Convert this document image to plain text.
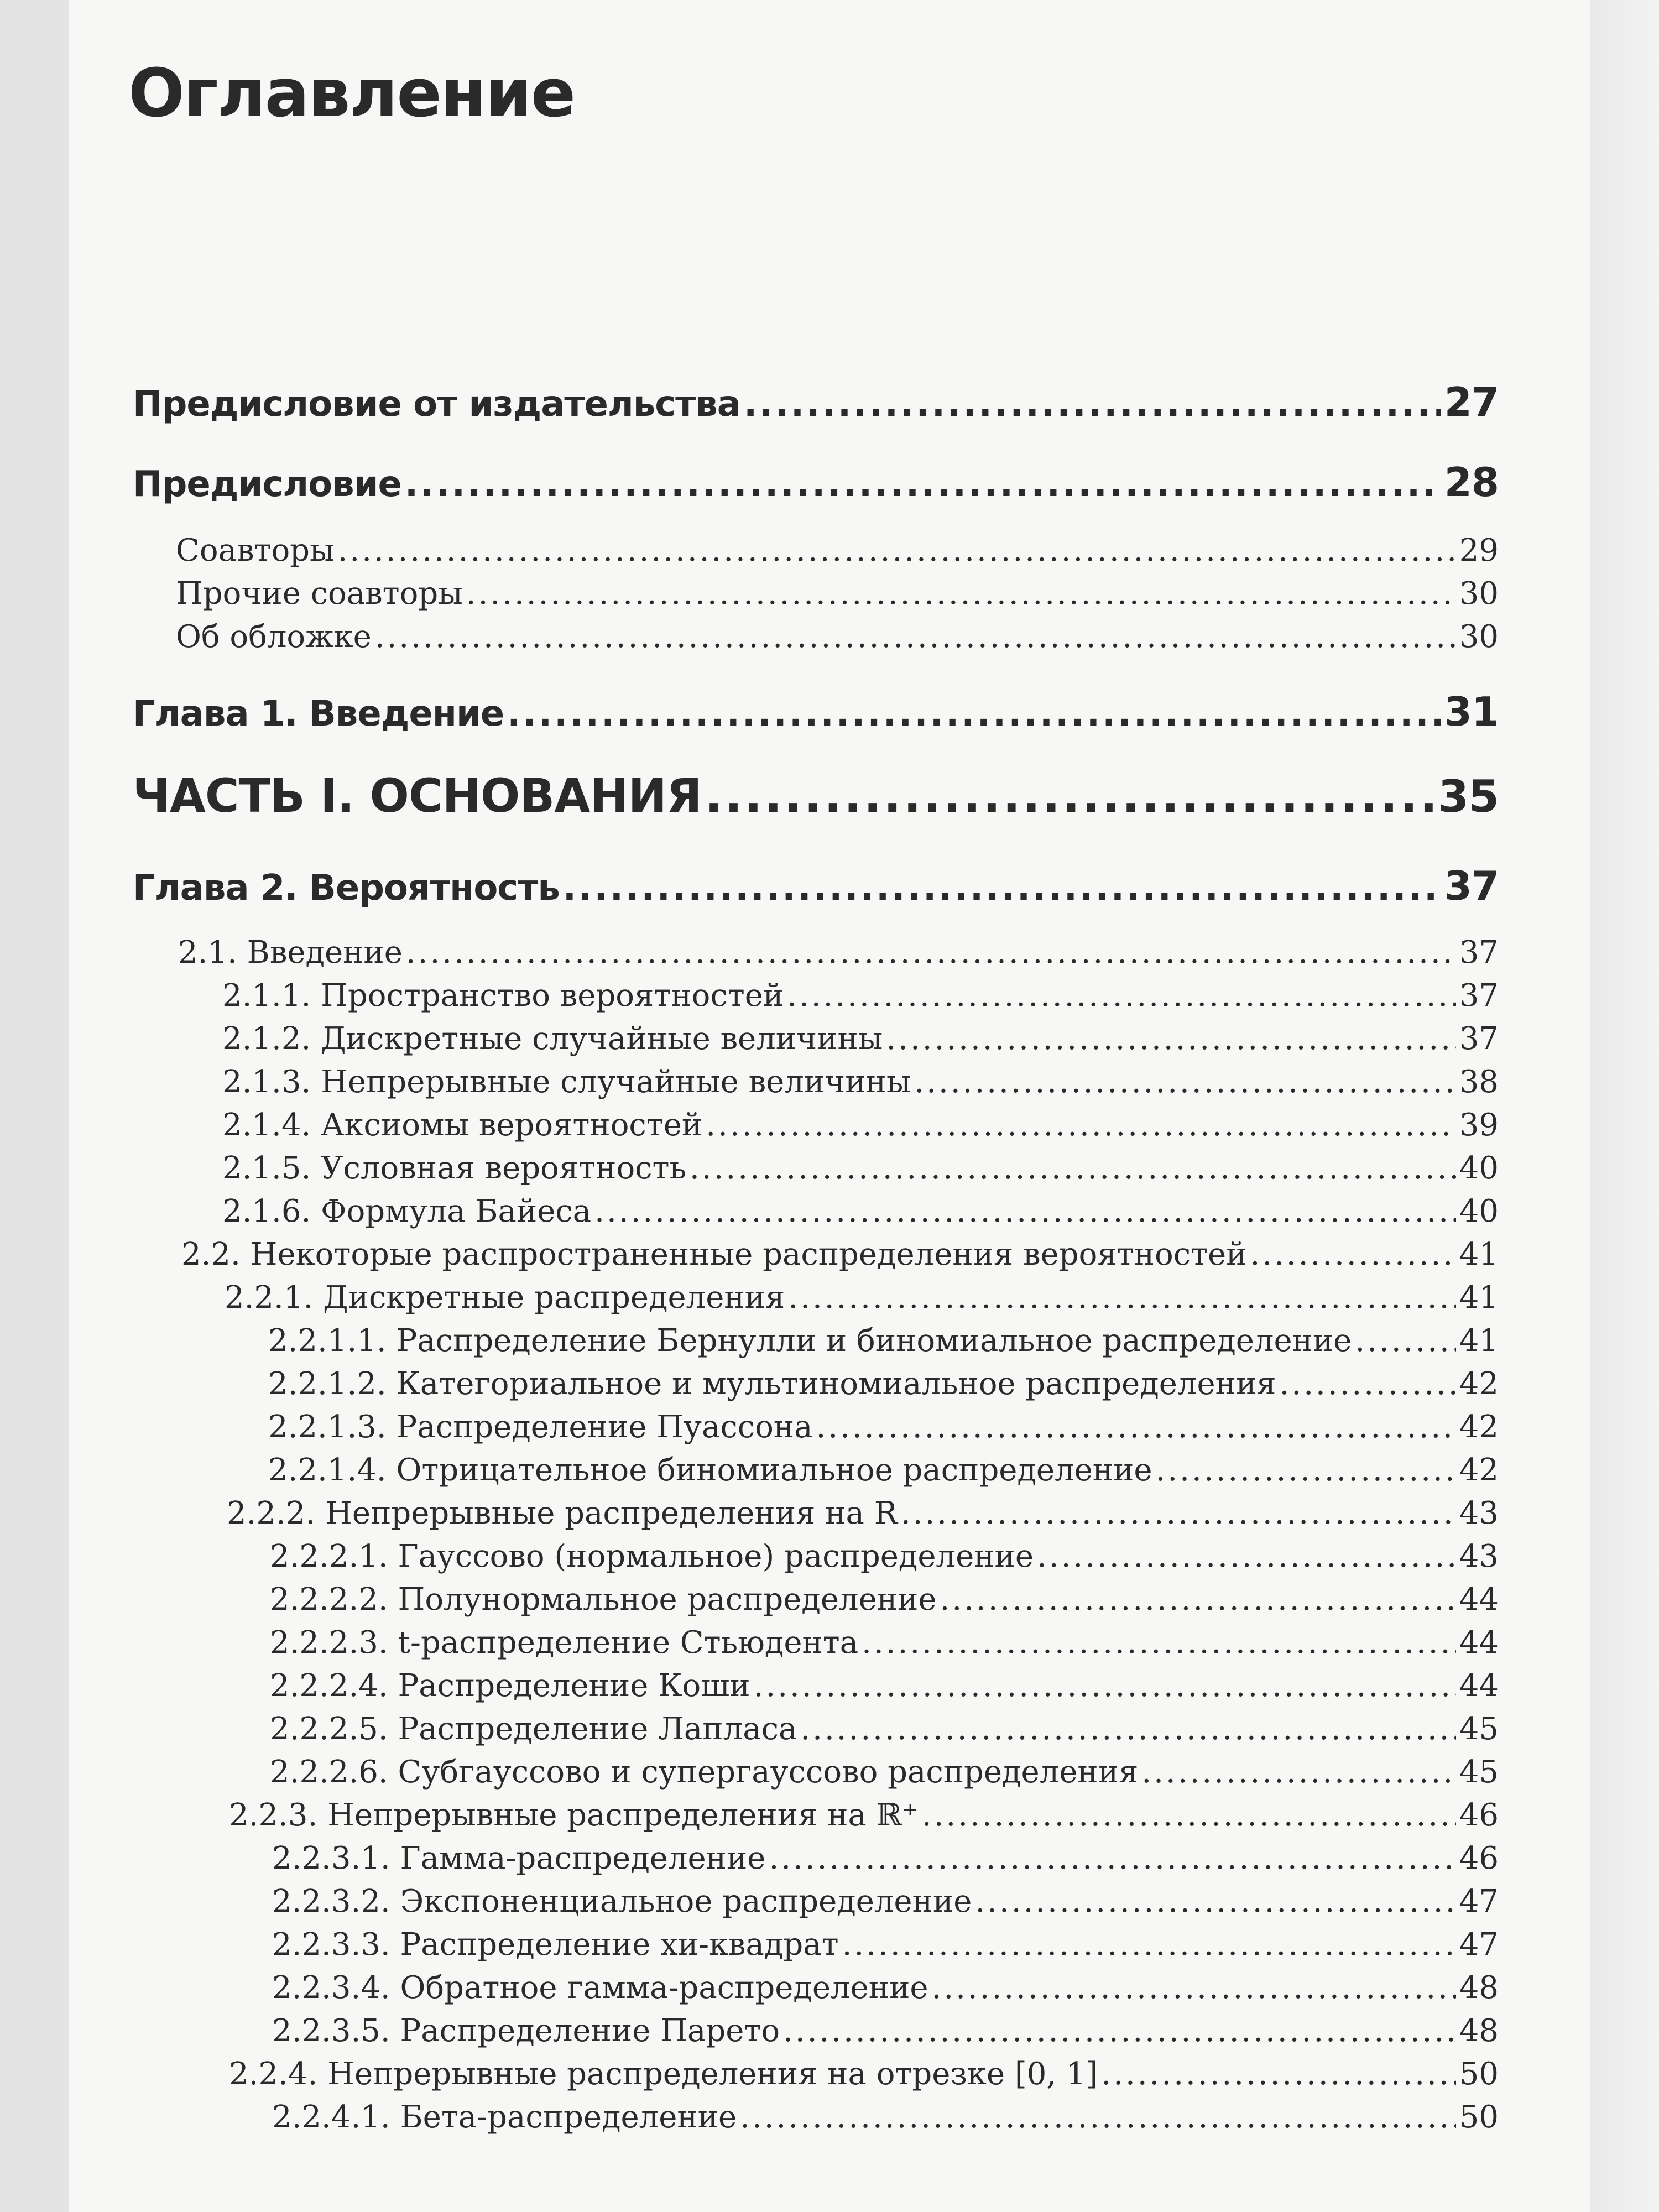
Оглавление
Предисловие от издательства .....	27
Предисловие .....	28
Соавторы .....	29
Прочие соавторы .....	30
Об обложке .....	30
Глава 1. Введение .....	31
ЧАСТЬ I. ОСНОВАНИЯ .....	35
Глава 2. Вероятность .....	37
2.1. Введение .....	37
2.1.1. Пространство вероятностей .....	37
2.1.2. Дискретные случайные величины .....	37
2.1.3. Непрерывные случайные величины .....	38
2.1.4. Аксиомы вероятностей .....	39
2.1.5. Условная вероятность .....	40
2.1.6. Формула Байеса .....	40
2.2. Некоторые распространенные распределения вероятностей .....	41
2.2.1. Дискретные распределения .....	41
2.2.1.1. Распределение Бернулли и биномиальное распределение .....	41
2.2.1.2. Категориальное и мультиномиальное распределения .....	42
2.2.1.3. Распределение Пуассона .....	42
2.2.1.4. Отрицательное биномиальное распределение .....	42
2.2.2. Непрерывные распределения на R .....	43
2.2.2.1. Гауссово (нормальное) распределение .....	43
2.2.2.2. Полунормальное распределение .....	44
2.2.2.3. t-распределение Стьюдента .....	44
2.2.2.4. Распределение Коши .....	44
2.2.2.5. Распределение Лапласа .....	45
2.2.2.6. Субгауссово и супергауссово распределения .....	45
2.2.3. Непрерывные распределения на ℝ⁺ .....	46
2.2.3.1. Гамма-распределение .....	46
2.2.3.2. Экспоненциальное распределение .....	47
2.2.3.3. Распределение хи-квадрат .....	47
2.2.3.4. Обратное гамма-распределение .....	48
2.2.3.5. Распределение Парето .....	48
2.2.4. Непрерывные распределения на отрезке [0, 1] .....	50
2.2.4.1. Бета-распределение .....	50
